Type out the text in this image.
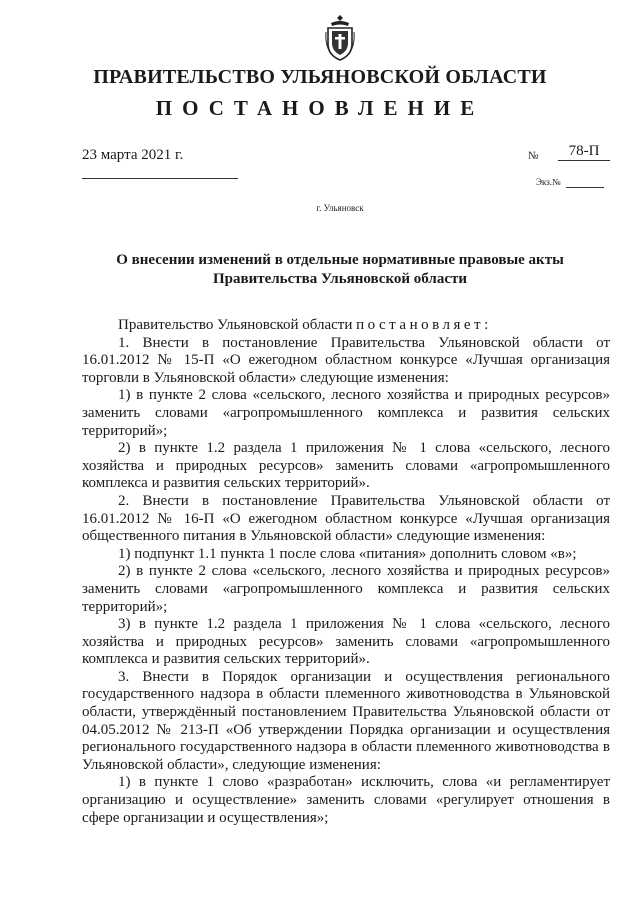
ПРАВИТЕЛЬСТВО УЛЬЯНОВСКОЙ ОБЛАСТИ
ПОСТАНОВЛЕНИЕ
23 марта 2021 г.	№	78-П
Экз.№
г. Ульяновск
О внесении изменений в отдельные нормативные правовые акты
Правительства Ульяновской области

Правительство Ульяновской области постановляет:

1. Внести в постановление Правительства Ульяновской области от 16.01.2012 № 15-П «О ежегодном областном конкурсе «Лучшая организация торговли в Ульяновской области» следующие изменения:

1) в пункте 2 слова «сельского, лесного хозяйства и природных ресурсов» заменить словами «агропромышленного комплекса и развития сельских территорий»;

2) в пункте 1.2 раздела 1 приложения № 1 слова «сельского, лесного хозяйства и природных ресурсов» заменить словами «агропромышленного комплекса и развития сельских территорий».

2. Внести в постановление Правительства Ульяновской области от 16.01.2012 № 16-П «О ежегодном областном конкурсе «Лучшая организация общественного питания в Ульяновской области» следующие изменения:

1) подпункт 1.1 пункта 1 после слова «питания» дополнить словом «в»;

2) в пункте 2 слова «сельского, лесного хозяйства и природных ресурсов» заменить словами «агропромышленного комплекса и развития сельских территорий»;

3) в пункте 1.2 раздела 1 приложения № 1 слова «сельского, лесного хозяйства и природных ресурсов» заменить словами «агропромышленного комплекса и развития сельских территорий».

3. Внести в Порядок организации и осуществления регионального государственного надзора в области племенного животноводства в Ульяновской области, утверждённый постановлением Правительства Ульяновской области от 04.05.2012 № 213-П «Об утверждении Порядка организации и осуществления регионального государственного надзора в области племенного животноводства в Ульяновской области», следующие изменения:

1) в пункте 1 слово «разработан» исключить, слова «и регламентирует организацию и осуществление» заменить словами «регулирует отношения в сфере организации и осуществления»;
